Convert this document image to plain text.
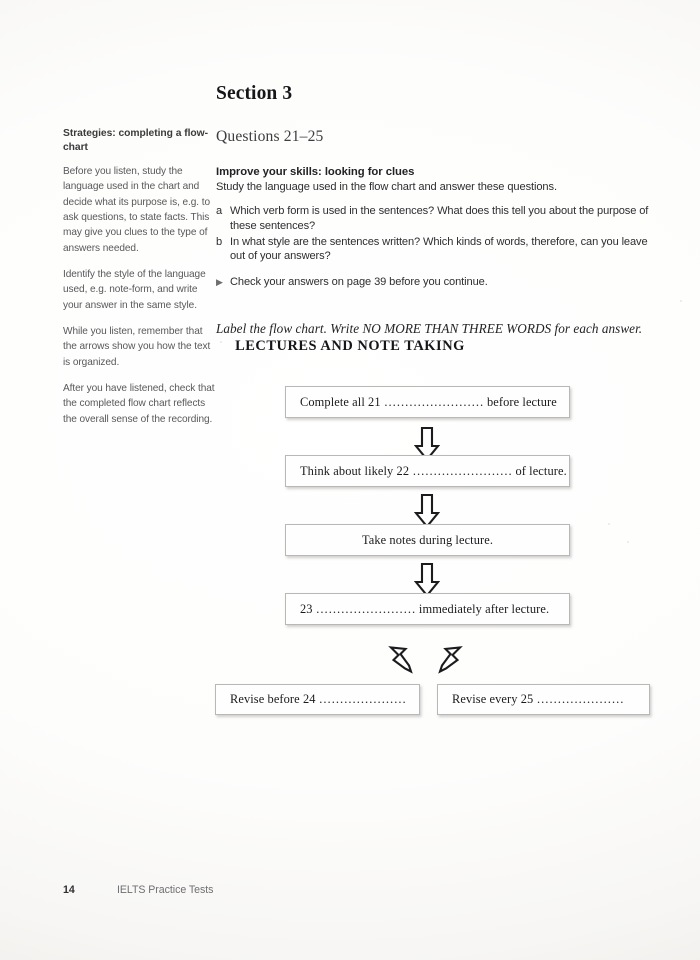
Strategies: completing a flow-chart
Before you listen, study the language used in the chart and decide what its purpose is, e.g. to ask questions, to state facts. This may give you clues to the type of answers needed.
Identify the style of the language used, e.g. note-form, and write your answer in the same style.
While you listen, remember that the arrows show you how the text is organized.
After you have listened, check that the completed flow chart reflects the overall sense of the recording.
Section 3
Questions 21–25
Improve your skills: looking for clues
Study the language used in the flow chart and answer these questions.
a Which verb form is used in the sentences? What does this tell you about the purpose of these sentences?
b In what style are the sentences written? Which kinds of words, therefore, can you leave out of your answers?
▶ Check your answers on page 39 before you continue.
Label the flow chart. Write NO MORE THAN THREE WORDS for each answer.
LECTURES AND NOTE TAKING
Complete all 21 …………………… before lecture
Think about likely 22 …………………… of lecture.
Take notes during lecture.
23 …………………… immediately after lecture.
Revise before 24 …………………	Revise every 25 …………………
14	IELTS Practice Tests
